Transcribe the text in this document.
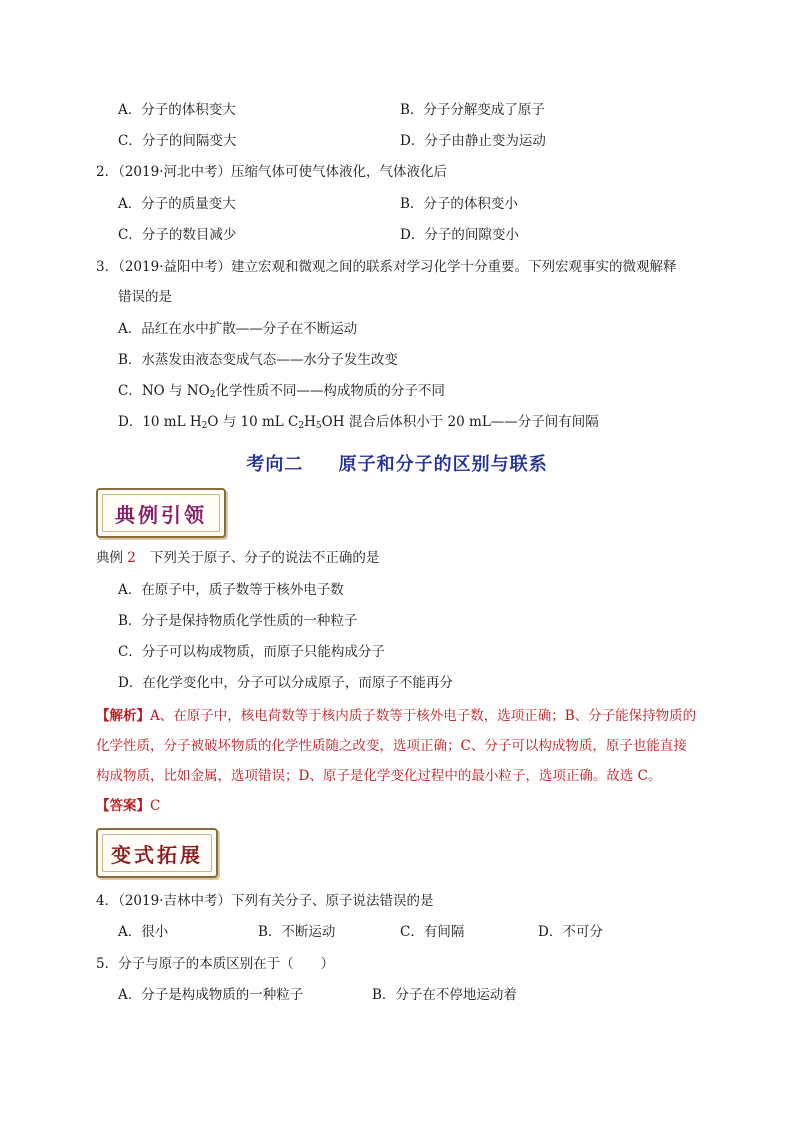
A．分子的体积变大	B．分子分解变成了原子
C．分子的间隔变大	D．分子由静止变为运动
2．（2019·河北中考）压缩气体可使气体液化，气体液化后
A．分子的质量变大	B．分子的体积变小
C．分子的数目减少	D．分子的间隙变小
3．（2019·益阳中考）建立宏观和微观之间的联系对学习化学十分重要。下列宏观事实的微观解释
错误的是
A．品红在水中扩散——分子在不断运动
B．水蒸发由液态变成气态——水分子发生改变
C．NO 与 $NO_2$化学性质不同——构成物质的分子不同
D．10 mL $H_2O$ 与 10 mL $C_2H_5OH$ 混合后体积小于 20 mL——分子间有间隔
考向二 原子和分子的区别与联系
典例引领
典例 2 下列关于原子、分子的说法不正确的是
A．在原子中，质子数等于核外电子数
B．分子是保持物质化学性质的一种粒子
C．分子可以构成物质，而原子只能构成分子
D．在化学变化中，分子可以分成原子，而原子不能再分
【解析】A、在原子中，核电荷数等于核内质子数等于核外电子数，选项正确；B、分子能保持物质的化学性质，分子被破坏物质的化学性质随之改变，选项正确；C、分子可以构成物质，原子也能直接构成物质，比如金属，选项错误；D、原子是化学变化过程中的最小粒子，选项正确。故选 C。
【答案】C
变式拓展
4．（2019·吉林中考）下列有关分子、原子说法错误的是
A．很小	B．不断运动	C．有间隔	D．不可分
5．分子与原子的本质区别在于（　　）
A．分子是构成物质的一种粒子	B．分子在不停地运动着
